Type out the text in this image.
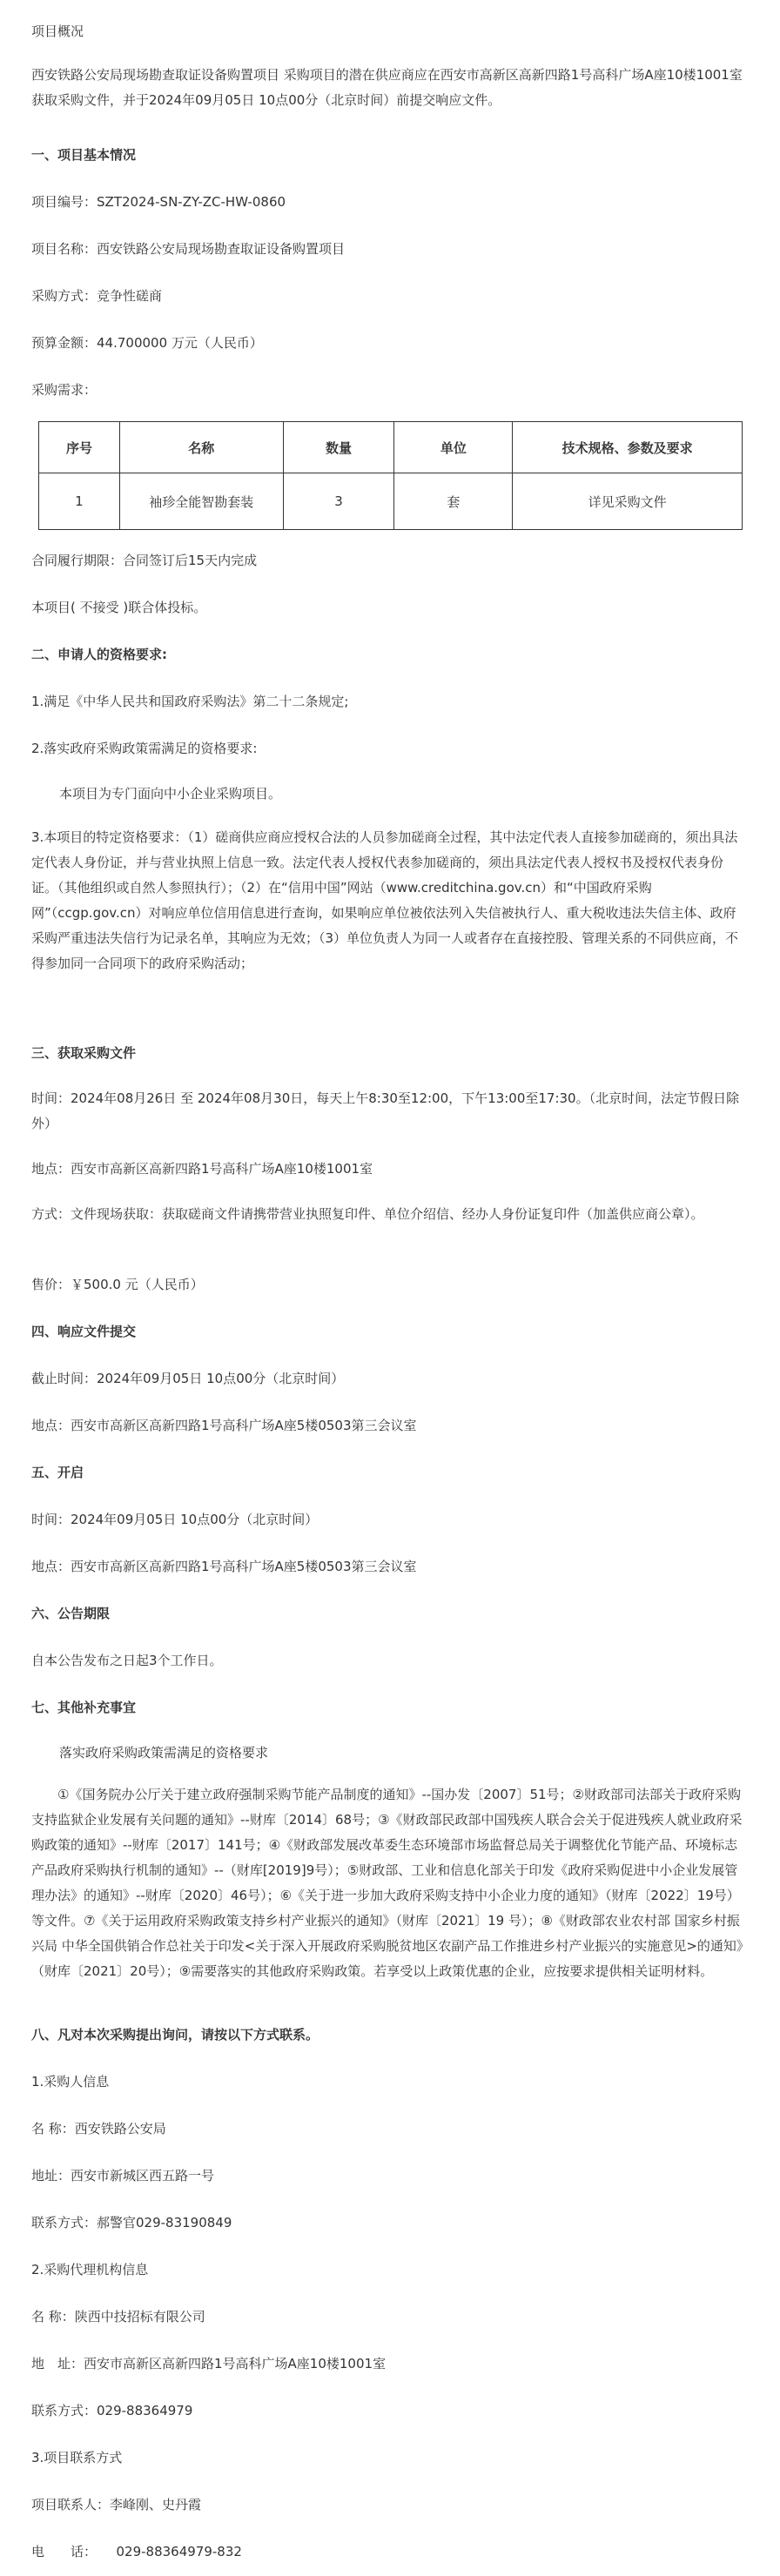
项目概况
西安铁路公安局现场勘查取证设备购置项目 采购项目的潜在供应商应在西安市高新区高新四路1号高科广场A座10楼1001室获取采购文件，并于2024年09月05日 10点00分（北京时间）前提交响应文件。
一、项目基本情况
项目编号：SZT2024-SN-ZY-ZC-HW-0860
项目名称：西安铁路公安局现场勘查取证设备购置项目
采购方式：竞争性磋商
预算金额：44.700000 万元（人民币）
采购需求：
序号	名称	数量	单位	技术规格、参数及要求
1	袖珍全能智勘套装	3	套	详见采购文件
合同履行期限：合同签订后15天内完成
本项目( 不接受 )联合体投标。
二、申请人的资格要求:
1.满足《中华人民共和国政府采购法》第二十二条规定;
2.落实政府采购政策需满足的资格要求:
本项目为专门面向中小企业采购项目。
3.本项目的特定资格要求：（1）磋商供应商应授权合法的人员参加磋商全过程，其中法定代表人直接参加磋商的，须出具法定代表人身份证，并与营业执照上信息一致。法定代表人授权代表参加磋商的，须出具法定代表人授权书及授权代表身份证。（其他组织或自然人参照执行）；（2）在“信用中国”网站（www.creditchina.gov.cn）和“中国政府采购网”（ccgp.gov.cn）对响应单位信用信息进行查询，如果响应单位被依法列入失信被执行人、重大税收违法失信主体、政府采购严重违法失信行为记录名单，其响应为无效；（3）单位负责人为同一人或者存在直接控股、管理关系的不同供应商，不得参加同一合同项下的政府采购活动；
三、获取采购文件
时间：2024年08月26日 至 2024年08月30日，每天上午8:30至12:00，下午13:00至17:30。（北京时间，法定节假日除外）
地点：西安市高新区高新四路1号高科广场A座10楼1001室
方式：文件现场获取：获取磋商文件请携带营业执照复印件、单位介绍信、经办人身份证复印件（加盖供应商公章）。
售价：￥500.0 元（人民币）
四、响应文件提交
截止时间：2024年09月05日 10点00分（北京时间）
地点：西安市高新区高新四路1号高科广场A座5楼0503第三会议室
五、开启
时间：2024年09月05日 10点00分（北京时间）
地点：西安市高新区高新四路1号高科广场A座5楼0503第三会议室
六、公告期限
自本公告发布之日起3个工作日。
七、其他补充事宜
落实政府采购政策需满足的资格要求
①《国务院办公厅关于建立政府强制采购节能产品制度的通知》--国办发〔2007〕51号；②财政部司法部关于政府采购支持监狱企业发展有关问题的通知》--财库〔2014〕68号；③《财政部民政部中国残疾人联合会关于促进残疾人就业政府采购政策的通知》--财库〔2017〕141号；④《财政部发展改革委生态环境部市场监督总局关于调整优化节能产品、环境标志产品政府采购执行机制的通知》--（财库[2019]9号）；⑤财政部、工业和信息化部关于印发《政府采购促进中小企业发展管理办法》的通知》--财库〔2020〕46号）；⑥《关于进一步加大政府采购支持中小企业力度的通知》（财库〔2022〕19号）等文件。⑦《关于运用政府采购政策支持乡村产业振兴的通知》（财库〔2021〕19 号）；⑧《财政部农业农村部 国家乡村振兴局 中华全国供销合作总社关于印发<关于深入开展政府采购脱贫地区农副产品工作推进乡村产业振兴的实施意见>的通知》（财库〔2021〕20号）；⑨需要落实的其他政府采购政策。若享受以上政策优惠的企业，应按要求提供相关证明材料。
八、凡对本次采购提出询问，请按以下方式联系。
1.采购人信息
名 称：西安铁路公安局
地址：西安市新城区西五路一号
联系方式：郝警官029-83190849
2.采购代理机构信息
名 称：陕西中技招标有限公司
地　址：西安市高新区高新四路1号高科广场A座10楼1001室
联系方式：029-88364979
3.项目联系方式
项目联系人：李峰刚、史丹霞
电　　话：　　029-88364979-832
